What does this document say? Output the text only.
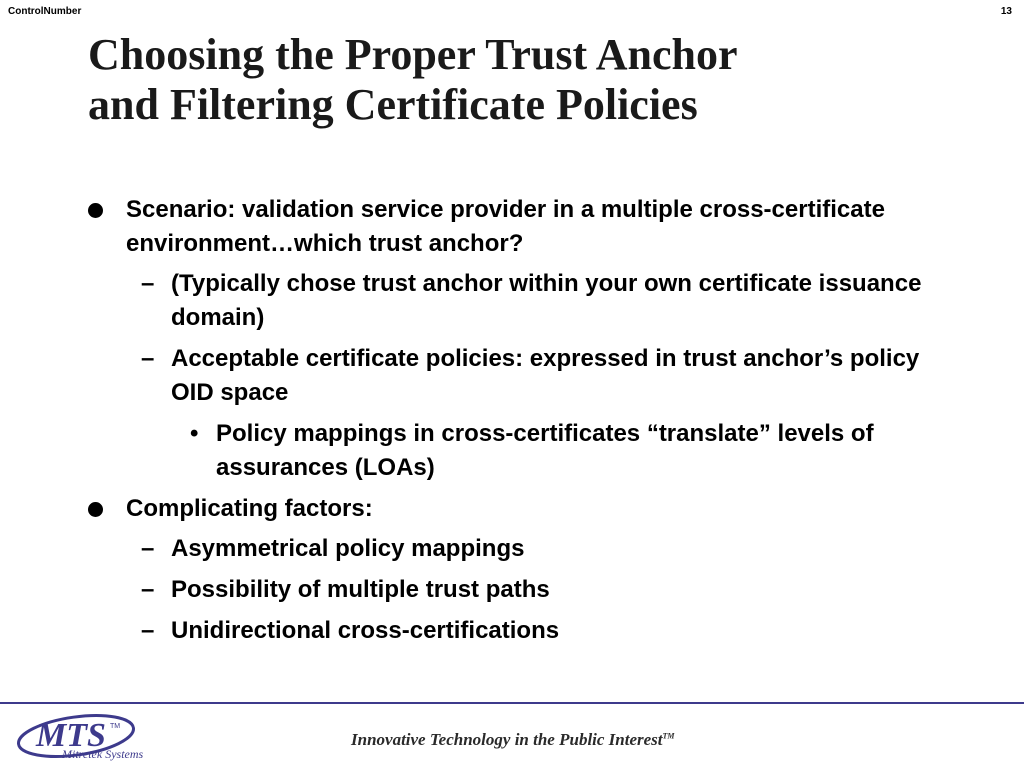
ControlNumber	13
Choosing the Proper Trust Anchor
and Filtering Certificate Policies
Scenario: validation service provider in a multiple cross-certificate environment…which trust anchor?
– (Typically chose trust anchor within your own certificate issuance domain)
– Acceptable certificate policies: expressed in trust anchor’s policy OID space
• Policy mappings in cross-certificates “translate” levels of assurances (LOAs)
Complicating factors:
– Asymmetrical policy mappings
– Possibility of multiple trust paths
– Unidirectional cross-certifications
MTS TM
Mitretek Systems
Innovative Technology in the Public Interest™
